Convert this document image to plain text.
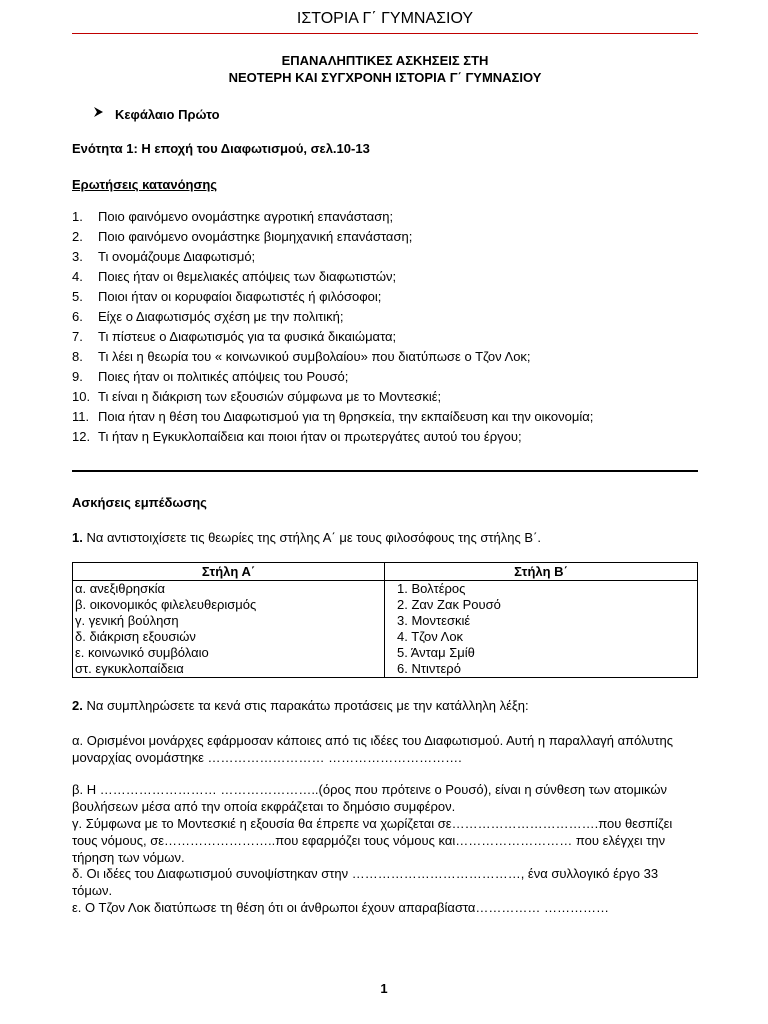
ΙΣΤΟΡΙΑ Γ΄ ΓΥΜΝΑΣΙΟΥ
ΕΠΑΝΑΛΗΠΤΙΚΕΣ ΑΣΚΗΣΕΙΣ ΣΤΗ
ΝΕΟΤΕΡΗ ΚΑΙ ΣΥΓΧΡΟΝΗ ΙΣΤΟΡΙΑ Γ΄ ΓΥΜΝΑΣΙΟΥ
Κεφάλαιο Πρώτο
Ενότητα 1: Η εποχή του Διαφωτισμού, σελ.10-13
Ερωτήσεις κατανόησης
1. Ποιο φαινόμενο ονομάστηκε αγροτική επανάσταση;
2. Ποιο φαινόμενο ονομάστηκε βιομηχανική επανάσταση;
3. Τι ονομάζουμε Διαφωτισμό;
4. Ποιες ήταν οι θεμελιακές απόψεις των διαφωτιστών;
5. Ποιοι ήταν οι κορυφαίοι διαφωτιστές ή φιλόσοφοι;
6. Είχε ο Διαφωτισμός σχέση με την πολιτική;
7. Τι πίστευε ο Διαφωτισμός για τα φυσικά δικαιώματα;
8. Τι λέει η θεωρία του « κοινωνικού συμβολαίου» που διατύπωσε ο Τζον Λοκ;
9. Ποιες ήταν οι πολιτικές απόψεις του Ρουσό;
10. Τι είναι η διάκριση των εξουσιών σύμφωνα με το Μοντεσκιέ;
11. Ποια ήταν η θέση του Διαφωτισμού για τη θρησκεία, την εκπαίδευση και την οικονομία;
12. Τι ήταν η Εγκυκλοπαίδεια και ποιοι ήταν οι πρωτεργάτες αυτού του έργου;
Ασκήσεις εμπέδωσης
1. Να αντιστοιχίσετε τις θεωρίες της στήλης Α΄ με τους φιλοσόφους της στήλης Β΄.
Στήλη Α΄	Στήλη Β΄
α. ανεξιθρησκία	1. Βολτέρος
β. οικονομικός φιλελευθερισμός	2. Ζαν Ζακ Ρουσό
γ. γενική βούληση	3. Μοντεσκιέ
δ. διάκριση εξουσιών	4. Τζον Λοκ
ε. κοινωνικό συμβόλαιο	5. Άνταμ Σμίθ
στ. εγκυκλοπαίδεια	6. Ντιντερό
2. Να συμπληρώσετε τα κενά στις παρακάτω προτάσεις με την κατάλληλη λέξη:
α. Ορισμένοι μονάρχες εφάρμοσαν κάποιες από τις ιδέες του Διαφωτισμού. Αυτή η παραλλαγή απόλυτης μοναρχίας ονομάστηκε ……………………… ………………………….
β. Η ……………………… …………………..(όρος που πρότεινε ο Ρουσό), είναι η σύνθεση των ατομικών βουλήσεων μέσα από την οποία εκφράζεται το δημόσιο συμφέρον.
γ. Σύμφωνα με το Μοντεσκιέ η εξουσία θα έπρεπε να χωρίζεται σε…………………………….που θεσπίζει τους νόμους, σε……………………..που εφαρμόζει τους νόμους και……………………… που ελέγχει την τήρηση των νόμων.
δ. Οι ιδέες του Διαφωτισμού συνοψίστηκαν στην …………………………………, ένα συλλογικό έργο 33 τόμων.
ε. Ο Τζον Λοκ διατύπωσε τη θέση ότι οι άνθρωποι έχουν απαραβίαστα…………… ……………
1
